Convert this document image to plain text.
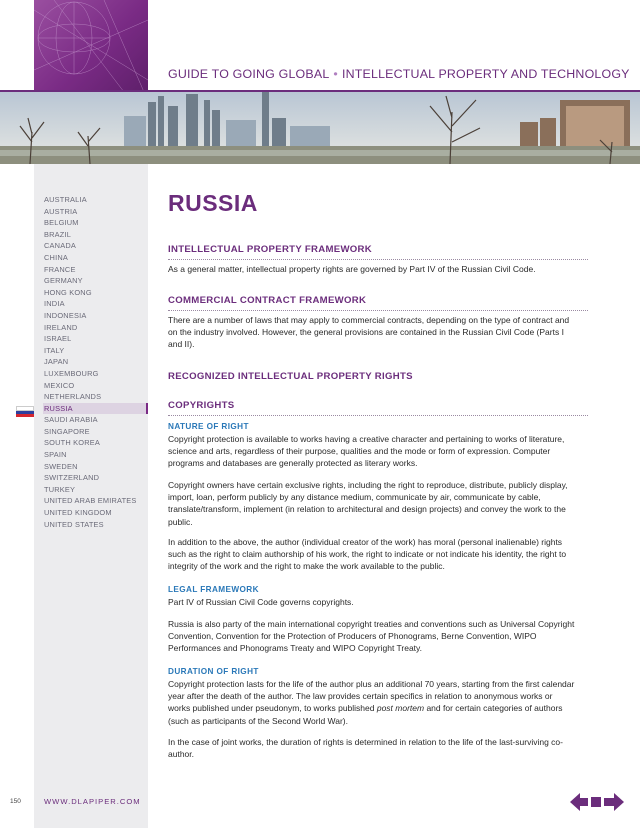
GUIDE TO GOING GLOBAL • INTELLECTUAL PROPERTY AND TECHNOLOGY
AUSTRALIA
AUSTRIA
BELGIUM
BRAZIL
CANADA
CHINA
FRANCE
GERMANY
HONG KONG
INDIA
INDONESIA
IRELAND
ISRAEL
ITALY
JAPAN
LUXEMBOURG
MEXICO
NETHERLANDS
RUSSIA
SAUDI ARABIA
SINGAPORE
SOUTH KOREA
SPAIN
SWEDEN
SWITZERLAND
TURKEY
UNITED ARAB EMIRATES
UNITED KINGDOM
UNITED STATES
RUSSIA
INTELLECTUAL PROPERTY FRAMEWORK
As a general matter, intellectual property rights are governed by Part IV of the Russian Civil Code.
COMMERCIAL CONTRACT FRAMEWORK
There are a number of laws that may apply to commercial contracts, depending on the type of contract and on the industry involved. However, the general provisions are contained in the Russian Civil Code (Parts I and II).
RECOGNIZED INTELLECTUAL PROPERTY RIGHTS
COPYRIGHTS
NATURE OF RIGHT
Copyright protection is available to works having a creative character and pertaining to works of literature, science and arts, regardless of their purpose, qualities and the mode or form of expression. Computer programs and databases are generally protected as literary works.
Copyright owners have certain exclusive rights, including the right to reproduce, distribute, publicly display, import, loan, perform publicly by any distance medium, communicate by air, communicate by cable, translate/transform, implement (in relation to architectural and design projects) and convey the work to the public.
In addition to the above, the author (individual creator of the work) has moral (personal inalienable) rights such as the right to claim authorship of his work, the right to indicate or not indicate his identity, the right to integrity of the work and the right to make the work available to the public.
LEGAL FRAMEWORK
Part IV of Russian Civil Code governs copyrights.
Russia is also party of the main international copyright treaties and conventions such as Universal Copyright Convention, Convention for the Protection of Producers of Phonograms, Berne Convention, WIPO Performances and Phonograms Treaty and WIPO Copyright Treaty.
DURATION OF RIGHT
Copyright protection lasts for the life of the author plus an additional 70 years, starting from the first calendar year after the death of the author. The law provides certain specifics in relation to anonymous works or works published under pseudonym, to works published post mortem and for certain categories of authors (such as participants of the Second World War).
In the case of joint works, the duration of rights is determined in relation to the life of the last-surviving co-author.
150	WWW.DLAPIPER.COM
